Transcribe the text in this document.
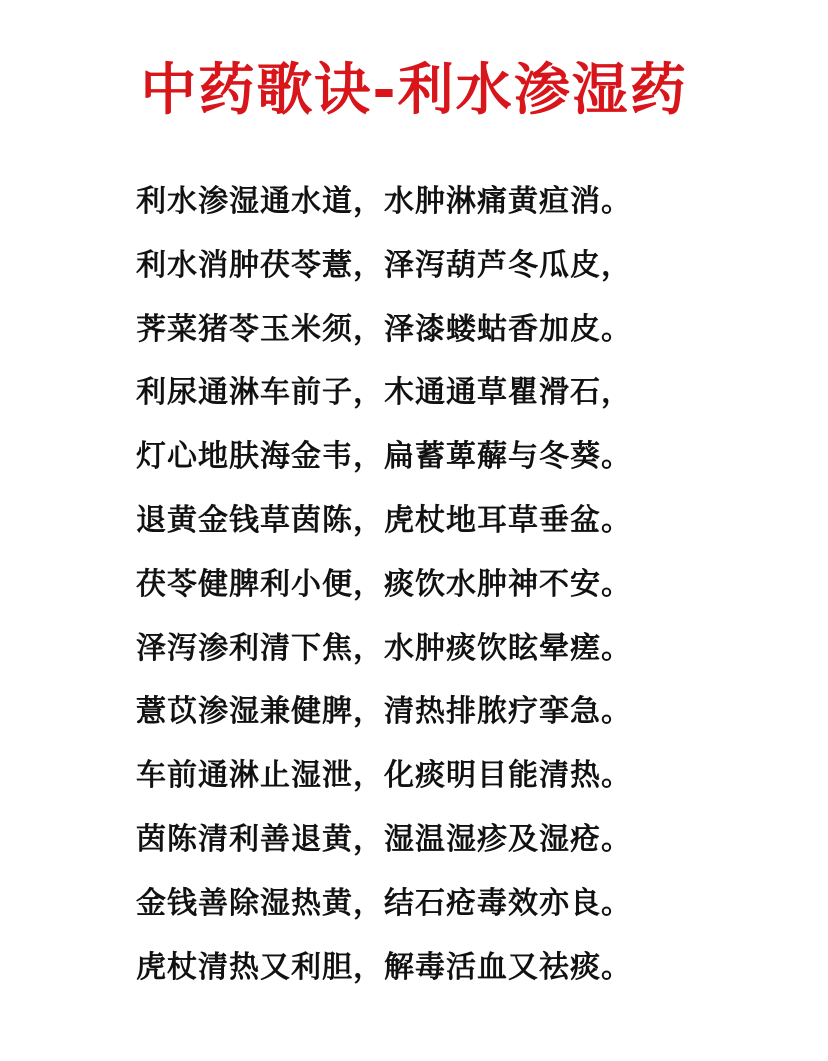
中药歌诀-利水渗湿药
利水渗湿通水道，水肿淋痛黄疸消。
利水消肿茯苓薏，泽泻葫芦冬瓜皮，
荠菜猪苓玉米须，泽漆蝼蛄香加皮。
利尿通淋车前子，木通通草瞿滑石，
灯心地肤海金韦，扁蓄萆薢与冬葵。
退黄金钱草茵陈，虎杖地耳草垂盆。
茯苓健脾利小便，痰饮水肿神不安。
泽泻渗利清下焦，水肿痰饮眩晕瘥。
薏苡渗湿兼健脾，清热排脓疗挛急。
车前通淋止湿泄，化痰明目能清热。
茵陈清利善退黄，湿温湿疹及湿疮。
金钱善除湿热黄，结石疮毒效亦良。
虎杖清热又利胆，解毒活血又祛痰。
